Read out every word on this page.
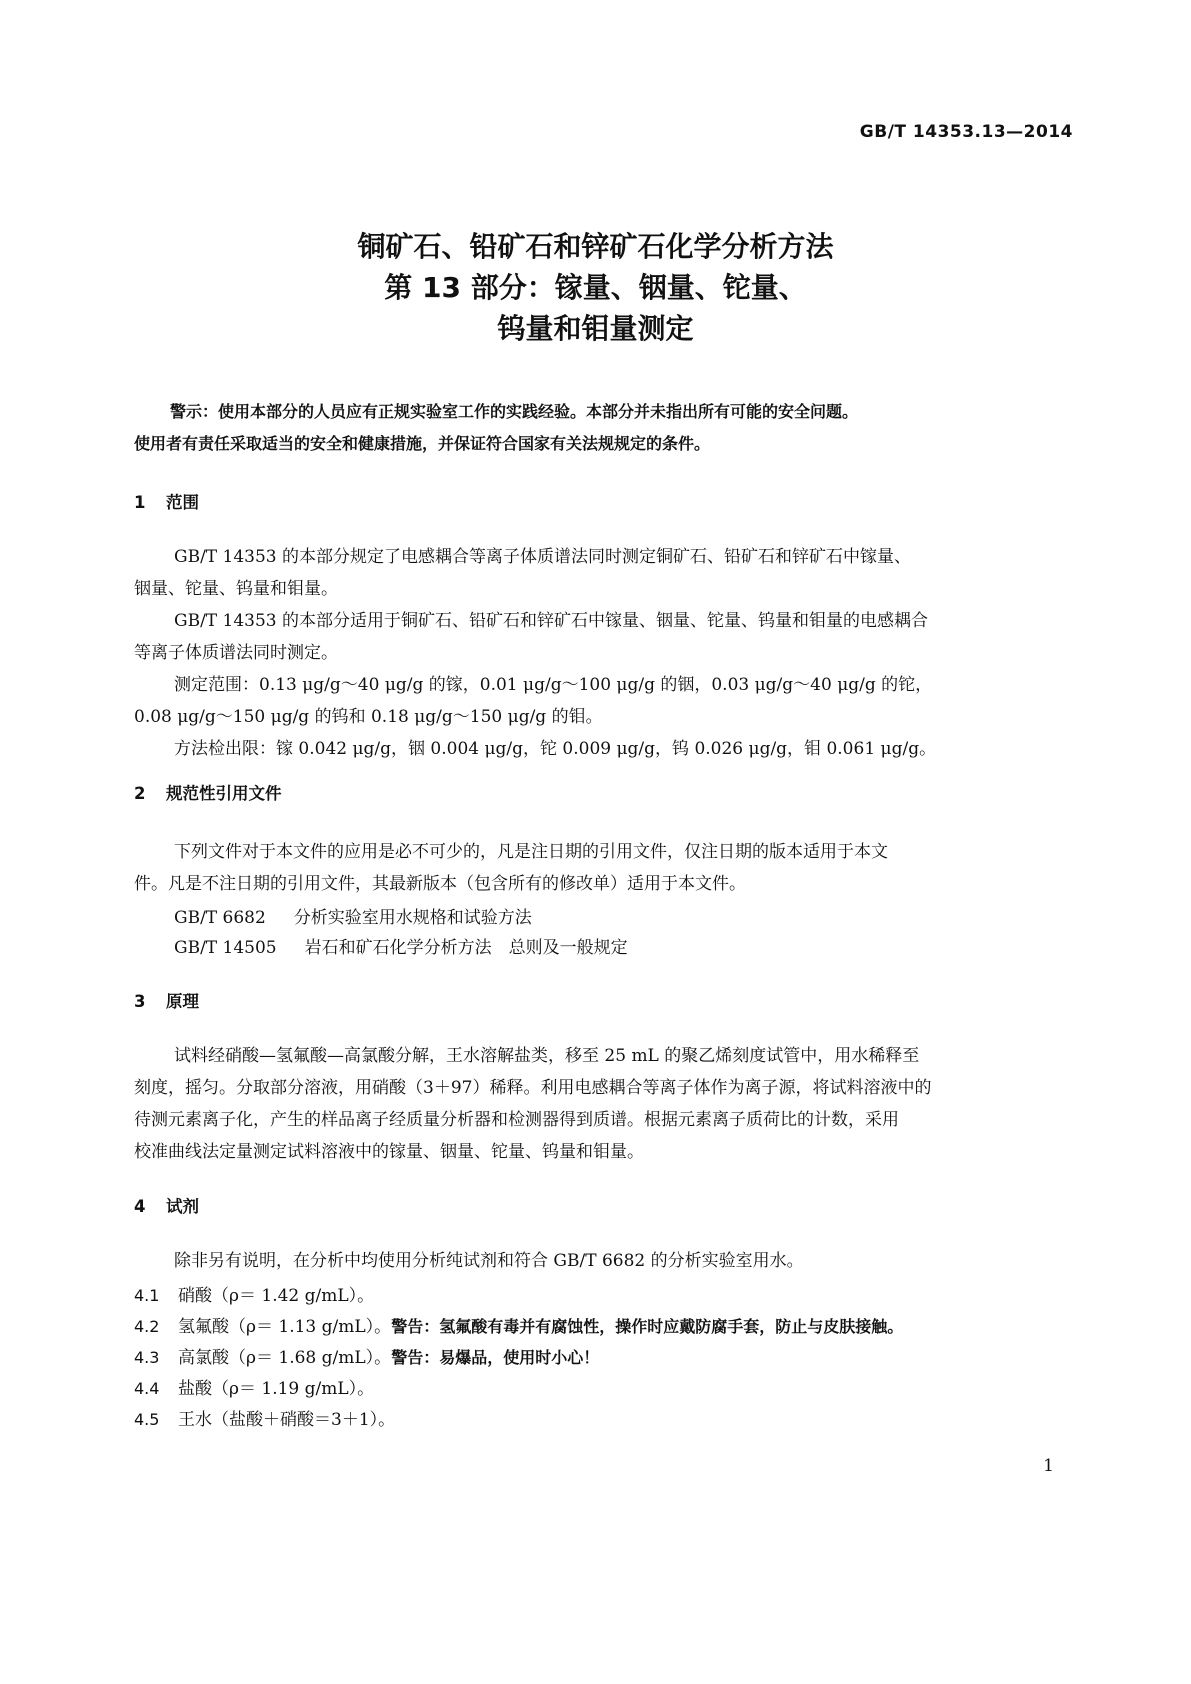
GB/T 14353.13—2014
铜矿石、铅矿石和锌矿石化学分析方法
第 13 部分：镓量、铟量、铊量、
钨量和钼量测定
警示：使用本部分的人员应有正规实验室工作的实践经验。本部分并未指出所有可能的安全问题。
使用者有责任采取适当的安全和健康措施，并保证符合国家有关法规规定的条件。
1 范围
GB/T 14353 的本部分规定了电感耦合等离子体质谱法同时测定铜矿石、铅矿石和锌矿石中镓量、
铟量、铊量、钨量和钼量。
GB/T 14353 的本部分适用于铜矿石、铅矿石和锌矿石中镓量、铟量、铊量、钨量和钼量的电感耦合
等离子体质谱法同时测定。
测定范围：0.13 μg/g～40 μg/g 的镓，0.01 μg/g～100 μg/g 的铟，0.03 μg/g～40 μg/g 的铊，
0.08 μg/g～150 μg/g 的钨和 0.18 μg/g～150 μg/g 的钼。
方法检出限：镓 0.042 μg/g，铟 0.004 μg/g，铊 0.009 μg/g，钨 0.026 μg/g，钼 0.061 μg/g。
2 规范性引用文件
下列文件对于本文件的应用是必不可少的，凡是注日期的引用文件，仅注日期的版本适用于本文
件。凡是不注日期的引用文件，其最新版本（包含所有的修改单）适用于本文件。
GB/T 6682 分析实验室用水规格和试验方法
GB/T 14505 岩石和矿石化学分析方法　总则及一般规定
3 原理
试料经硝酸—氢氟酸—高氯酸分解，王水溶解盐类，移至 25 mL 的聚乙烯刻度试管中，用水稀释至
刻度，摇匀。分取部分溶液，用硝酸（3＋97）稀释。利用电感耦合等离子体作为离子源，将试料溶液中的
待测元素离子化，产生的样品离子经质量分析器和检测器得到质谱。根据元素离子质荷比的计数，采用
校准曲线法定量测定试料溶液中的镓量、铟量、铊量、钨量和钼量。
4 试剂
除非另有说明，在分析中均使用分析纯试剂和符合 GB/T 6682 的分析实验室用水。
4.1 硝酸（ρ＝ 1.42 g/mL）。
4.2 氢氟酸（ρ＝ 1.13 g/mL）。警告：氢氟酸有毒并有腐蚀性，操作时应戴防腐手套，防止与皮肤接触。
4.3 高氯酸（ρ＝ 1.68 g/mL）。警告：易爆品，使用时小心！
4.4 盐酸（ρ＝ 1.19 g/mL）。
4.5 王水（盐酸＋硝酸＝3＋1）。
1
